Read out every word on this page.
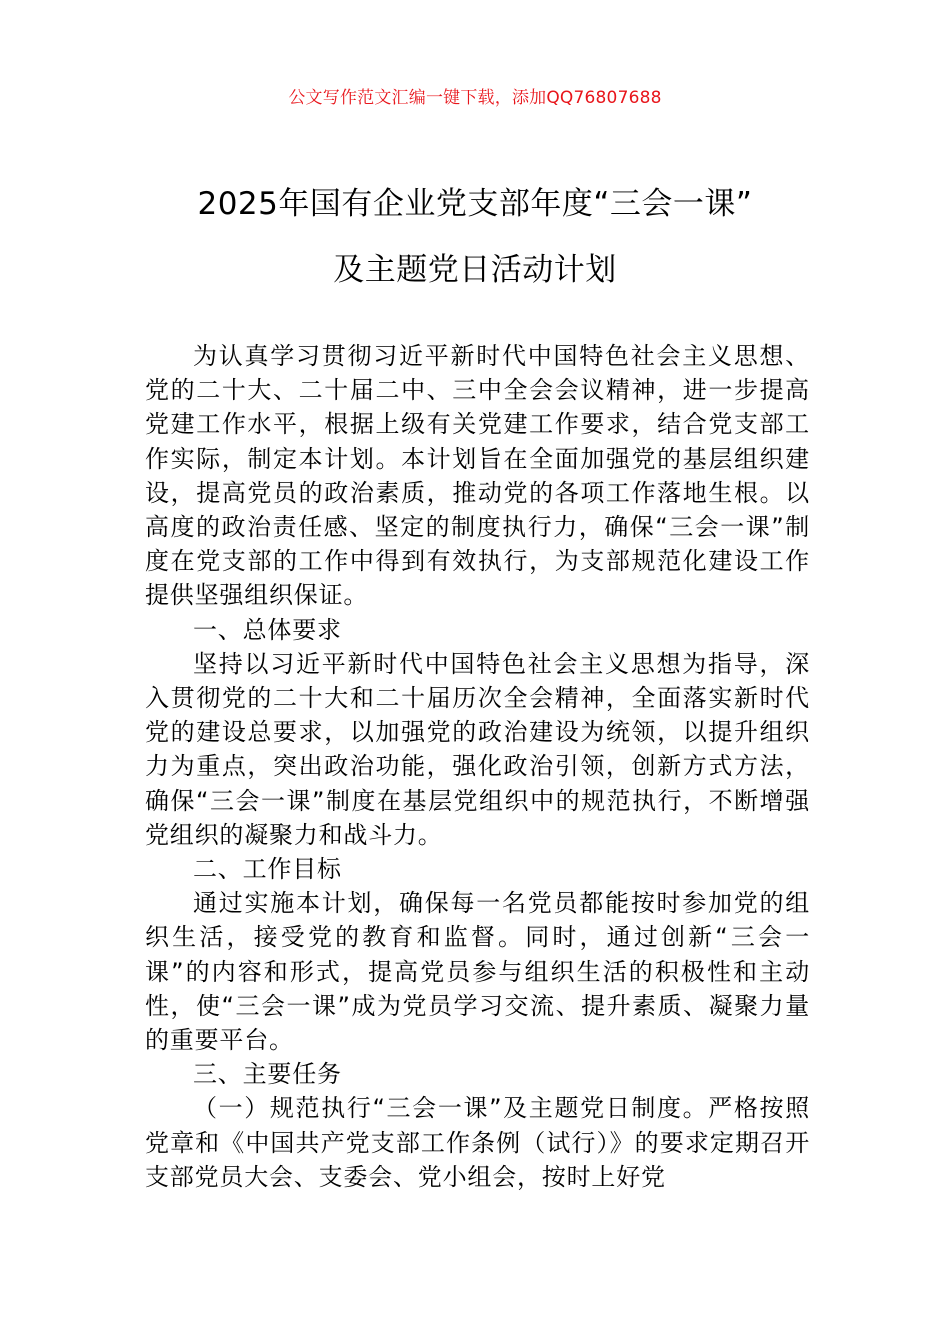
公文写作范文汇编一键下载，添加QQ76807688
2025年国有企业党支部年度“三会一课”
及主题党日活动计划

为认真学习贯彻习近平新时代中国特色社会主义思想、党的二十大、二十届二中、三中全会会议精神，进一步提高党建工作水平，根据上级有关党建工作要求，结合党支部工作实际，制定本计划。本计划旨在全面加强党的基层组织建设，提高党员的政治素质，推动党的各项工作落地生根。以高度的政治责任感、坚定的制度执行力，确保“三会一课”制度在党支部的工作中得到有效执行，为支部规范化建设工作提供坚强组织保证。

一、总体要求

坚持以习近平新时代中国特色社会主义思想为指导，深入贯彻党的二十大和二十届历次全会精神，全面落实新时代党的建设总要求，以加强党的政治建设为统领，以提升组织力为重点，突出政治功能，强化政治引领，创新方式方法，确保“三会一课”制度在基层党组织中的规范执行，不断增强党组织的凝聚力和战斗力。

二、工作目标

通过实施本计划，确保每一名党员都能按时参加党的组织生活，接受党的教育和监督。同时，通过创新“三会一课”的内容和形式，提高党员参与组织生活的积极性和主动性，使“三会一课”成为党员学习交流、提升素质、凝聚力量的重要平台。

三、主要任务

（一）规范执行“三会一课”及主题党日制度。严格按照党章和《中国共产党支部工作条例（试行）》的要求定期召开支部党员大会、支委会、党小组会，按时上好党
